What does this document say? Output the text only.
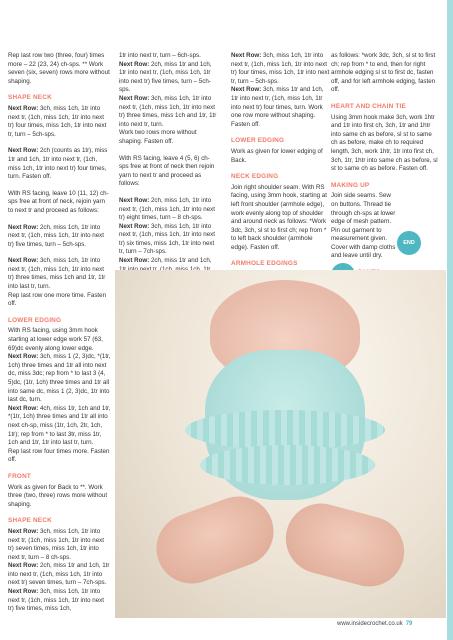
Rep last row two (three, four) times more – 22 (23, 24) ch-sps. ** Work seven (six, seven) rows more without shaping.

SHAPE NECK

Next Row: 3ch, miss 1ch, 1tr into next tr, (1ch, miss 1ch, 1tr into next tr) four times, miss 1ch, 1tr into next tr, turn – 5ch-sps.

Next Row: 2ch (counts as 1tr), miss 1tr and 1ch, 1tr into next tr, (1ch, miss 1ch, 1tr into next tr) four times, turn. Fasten off.

With RS facing, leave 10 (11, 12) ch-sps free at front of neck, rejoin yarn to next tr and proceed as follows:

Next Row: 2ch, miss 1ch, 1tr into next tr, (1ch, miss 1ch, 1tr into next tr) five times, turn – 5ch-sps.

Next Row: 3ch, miss 1ch, 1tr into next tr, (1ch, miss 1ch, 1tr into next tr) three times, miss 1ch and 1tr, 1tr into last tr, turn.

Rep last row one more time. Fasten off.

LOWER EDGING

With RS facing, using 3mm hook starting at lower edge work 57 (63, 69)dc evenly along lower edge.

Next Row: 3ch, miss 1 (2, 3)dc, *(1tr, 1ch) three times and 1tr all into next dc, miss 3dc; rep from * to last 3 (4, 5)dc, (1tr, 1ch) three times and 1tr all into same dc, miss 1 (2, 3)dc, 1tr into last dc, turn.

Next Row: 4ch, miss 1tr, 1ch and 1tr, *(1tr, 1ch) three times and 1tr all into next ch-sp, miss (1tr, 1ch, 2tr, 1ch, 1tr); rep from * to last 3tr, miss 1tr, 1ch and 1tr, 1tr into last tr, turn.

Rep last row four times more. Fasten off.

FRONT

Work as given for Back to **. Work three (two, three) rows more without shaping.

SHAPE NECK

Next Row: 3ch, miss 1ch, 1tr into next tr, (1ch, miss 1ch, 1tr into next tr) seven times, miss 1ch, 1tr into next tr, turn – 8 ch-sps.

Next Row: 2ch, miss 1tr and 1ch, 1tr into next tr, (1ch, miss 1ch, 1tr into next tr) seven times, turn – 7ch-sps.

Next Row: 3ch, miss 1ch, 1tr into next tr, (1ch, miss 1ch, 1tr into next tr) five times, miss 1ch,

1tr into next tr, turn – 6ch-sps.

Next Row: 2ch, miss 1tr and 1ch, 1tr into next tr, (1ch, miss 1ch, 1tr into next tr) five times, turn – 5ch-sps.

Next Row: 3ch, miss 1ch, 1tr into next tr, (1ch, miss 1ch, 1tr into next tr) three times, miss 1ch and 1tr, 1tr into next tr, turn.

Work two rows more without shaping. Fasten off.

With RS facing, leave 4 (5, 6) ch-sps free at front of neck then rejoin yarn to next tr and proceed as follows:

Next Row: 2ch, miss 1ch, 1tr into next tr, (1ch, miss 1ch, 1tr into next tr) eight times, turn – 8 ch-sps.

Next Row: 3ch, miss 1ch, 1tr into next tr, (1ch, miss 1ch, 1tr into next tr) six times, miss 1ch, 1tr into next tr, turn – 7ch-sps.

Next Row: 2ch, miss 1tr and 1ch,

Next Row: 3ch, miss 1ch, 1tr into next tr, (1ch, miss 1ch, 1tr into next tr) four times, miss 1ch, 1tr into next tr, turn – 5ch-sps.

Next Row: 3ch, miss 1tr and 1ch, 1tr into next tr, (1ch, miss 1ch, 1tr into next tr) four times, turn. Work one row more without shaping. Fasten off.

LOWER EDGING

Work as given for lower edging of Back.

NECK EDGING

Join right shoulder seam. With RS facing, using 3mm hook, starting at left front shoulder (armhole edge), work evenly along top of shoulder and around neck as follows: *Work 3dc, 3ch, sl st to first ch; rep from * to left back shoulder (armhole edge). Fasten off.

ARMHOLE EDGINGS

as follows: *work 3dc, 3ch, sl st to first ch; rep from * to end, then for right armhole edging sl st to first dc, fasten off, and for left armhole edging, fasten off.

HEART AND CHAIN TIE

Using 3mm hook make 3ch, work 1htr and 1tr into first ch, 3ch, 1tr and 1htr into same ch as before, sl st to same ch as before, make ch to required length, 3ch, work 1htr, 1tr into first ch, 3ch, 1tr, 1htr into same ch as before, sl st to same ch as before. Fasten off.

MAKING UP

Join side seams. Sew on buttons. Thread tie through ch-sps at lower edge of mesh pattern. Pin out garment to measurement given. Cover with damp cloths and leave until dry.

END
www.insidecrochet.co.uk 79
